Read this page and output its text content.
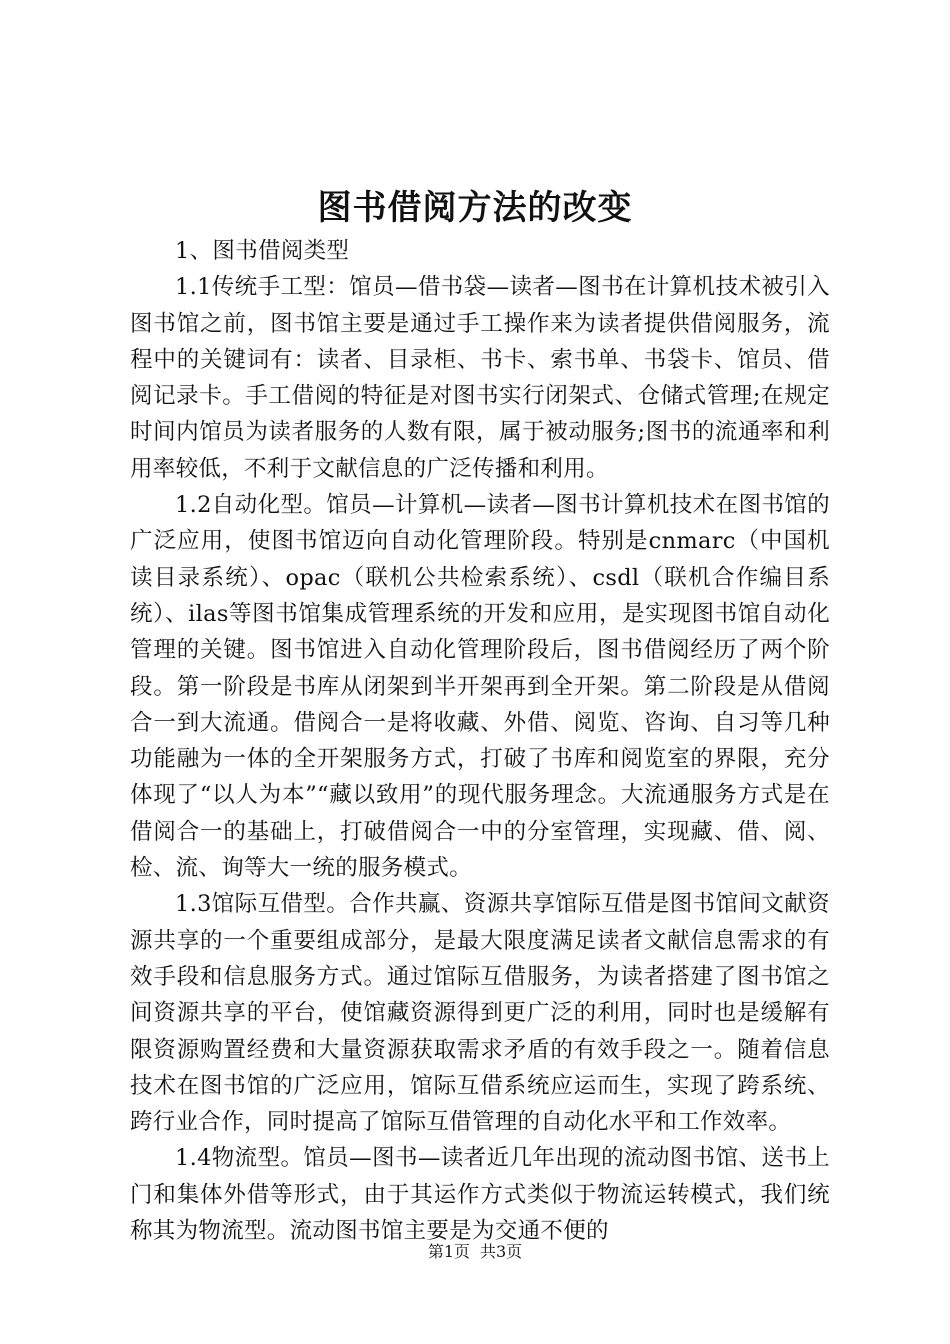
图书借阅方法的改变

1、图书借阅类型

1.1传统手工型：馆员—借书袋—读者—图书在计算机技术被引入图书馆之前，图书馆主要是通过手工操作来为读者提供借阅服务，流程中的关键词有：读者、目录柜、书卡、索书单、书袋卡、馆员、借阅记录卡。手工借阅的特征是对图书实行闭架式、仓储式管理;在规定时间内馆员为读者服务的人数有限，属于被动服务;图书的流通率和利用率较低，不利于文献信息的广泛传播和利用。

1.2自动化型。馆员—计算机—读者—图书计算机技术在图书馆的广泛应用，使图书馆迈向自动化管理阶段。特别是cnmarc（中国机读目录系统）、opac（联机公共检索系统）、csdl（联机合作编目系统）、ilas等图书馆集成管理系统的开发和应用，是实现图书馆自动化管理的关键。图书馆进入自动化管理阶段后，图书借阅经历了两个阶段。第一阶段是书库从闭架到半开架再到全开架。第二阶段是从借阅合一到大流通。借阅合一是将收藏、外借、阅览、咨询、自习等几种功能融为一体的全开架服务方式，打破了书库和阅览室的界限，充分体现了“以人为本”“藏以致用”的现代服务理念。大流通服务方式是在借阅合一的基础上，打破借阅合一中的分室管理，实现藏、借、阅、检、流、询等大一统的服务模式。

1.3馆际互借型。合作共赢、资源共享馆际互借是图书馆间文献资源共享的一个重要组成部分，是最大限度满足读者文献信息需求的有效手段和信息服务方式。通过馆际互借服务，为读者搭建了图书馆之间资源共享的平台，使馆藏资源得到更广泛的利用，同时也是缓解有限资源购置经费和大量资源获取需求矛盾的有效手段之一。随着信息技术在图书馆的广泛应用，馆际互借系统应运而生，实现了跨系统、跨行业合作，同时提高了馆际互借管理的自动化水平和工作效率。

1.4物流型。馆员—图书—读者近几年出现的流动图书馆、送书上门和集体外借等形式，由于其运作方式类似于物流运转模式，我们统称其为物流型。流动图书馆主要是为交通不便的

第1页 共3页
